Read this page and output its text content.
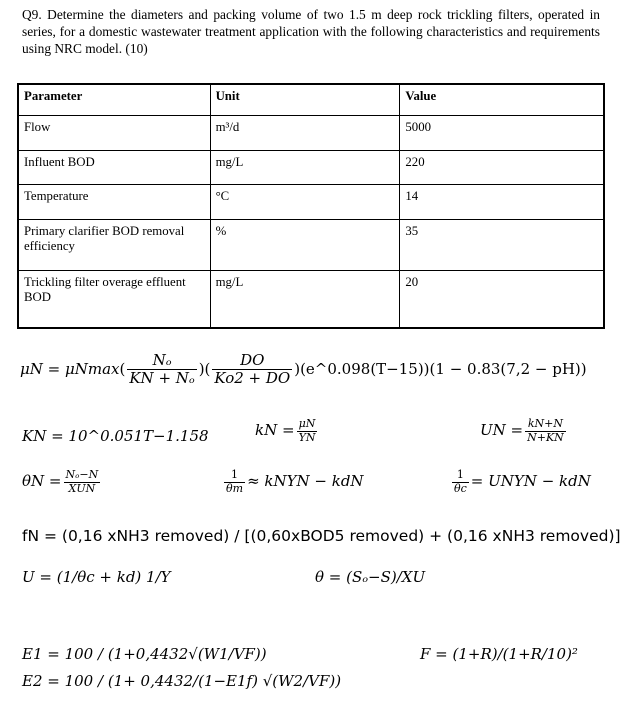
Q9. Determine the diameters and packing volume of two 1.5 m deep rock trickling filters, operated in series, for a domestic wastewater treatment application with the following characteristics and requirements using NRC model. (10)
Parameter	Unit	Value
Flow	m³/d	5000
Influent BOD	mg/L	220
Temperature	°C	14
Primary clarifier BOD removal efficiency	%	35
Trickling filter overage effluent BOD	mg/L	20
$\mu N = \mu Nmax( \frac{\text{Nₒ}}{\text{KN + Nₒ}}$ )( $\frac{DO}{Ko2 + DO}$ )(e^0.098(T−15))(1 − 0.83(7,2 − pH))
KN = 10^0.051T−1.158	kN = $\frac{\mu N}{YN}$	UN = $\frac{kN+N}{N+KN}$
$\theta N = \frac{\text{Nₒ−N}}{\text{XUN}}$	$\frac{1}{\theta m}$ ≈ kNYN − kdN	$\frac{1}{\theta c}$ = UNYN − kdN
fN = (0,16 xNH3 removed) / [(0,60xBOD5 removed) + (0,16 xNH3 removed)]
U = (1/θc + kd) 1/Y	θ = (Sₒ−S)/XU
E1 = 100 / (1+0,4432√(W1/VF))
E2 = 100 / (1+ 0,4432/(1−E1f) √(W2/VF))
F = (1+R)/(1+R/10)²
